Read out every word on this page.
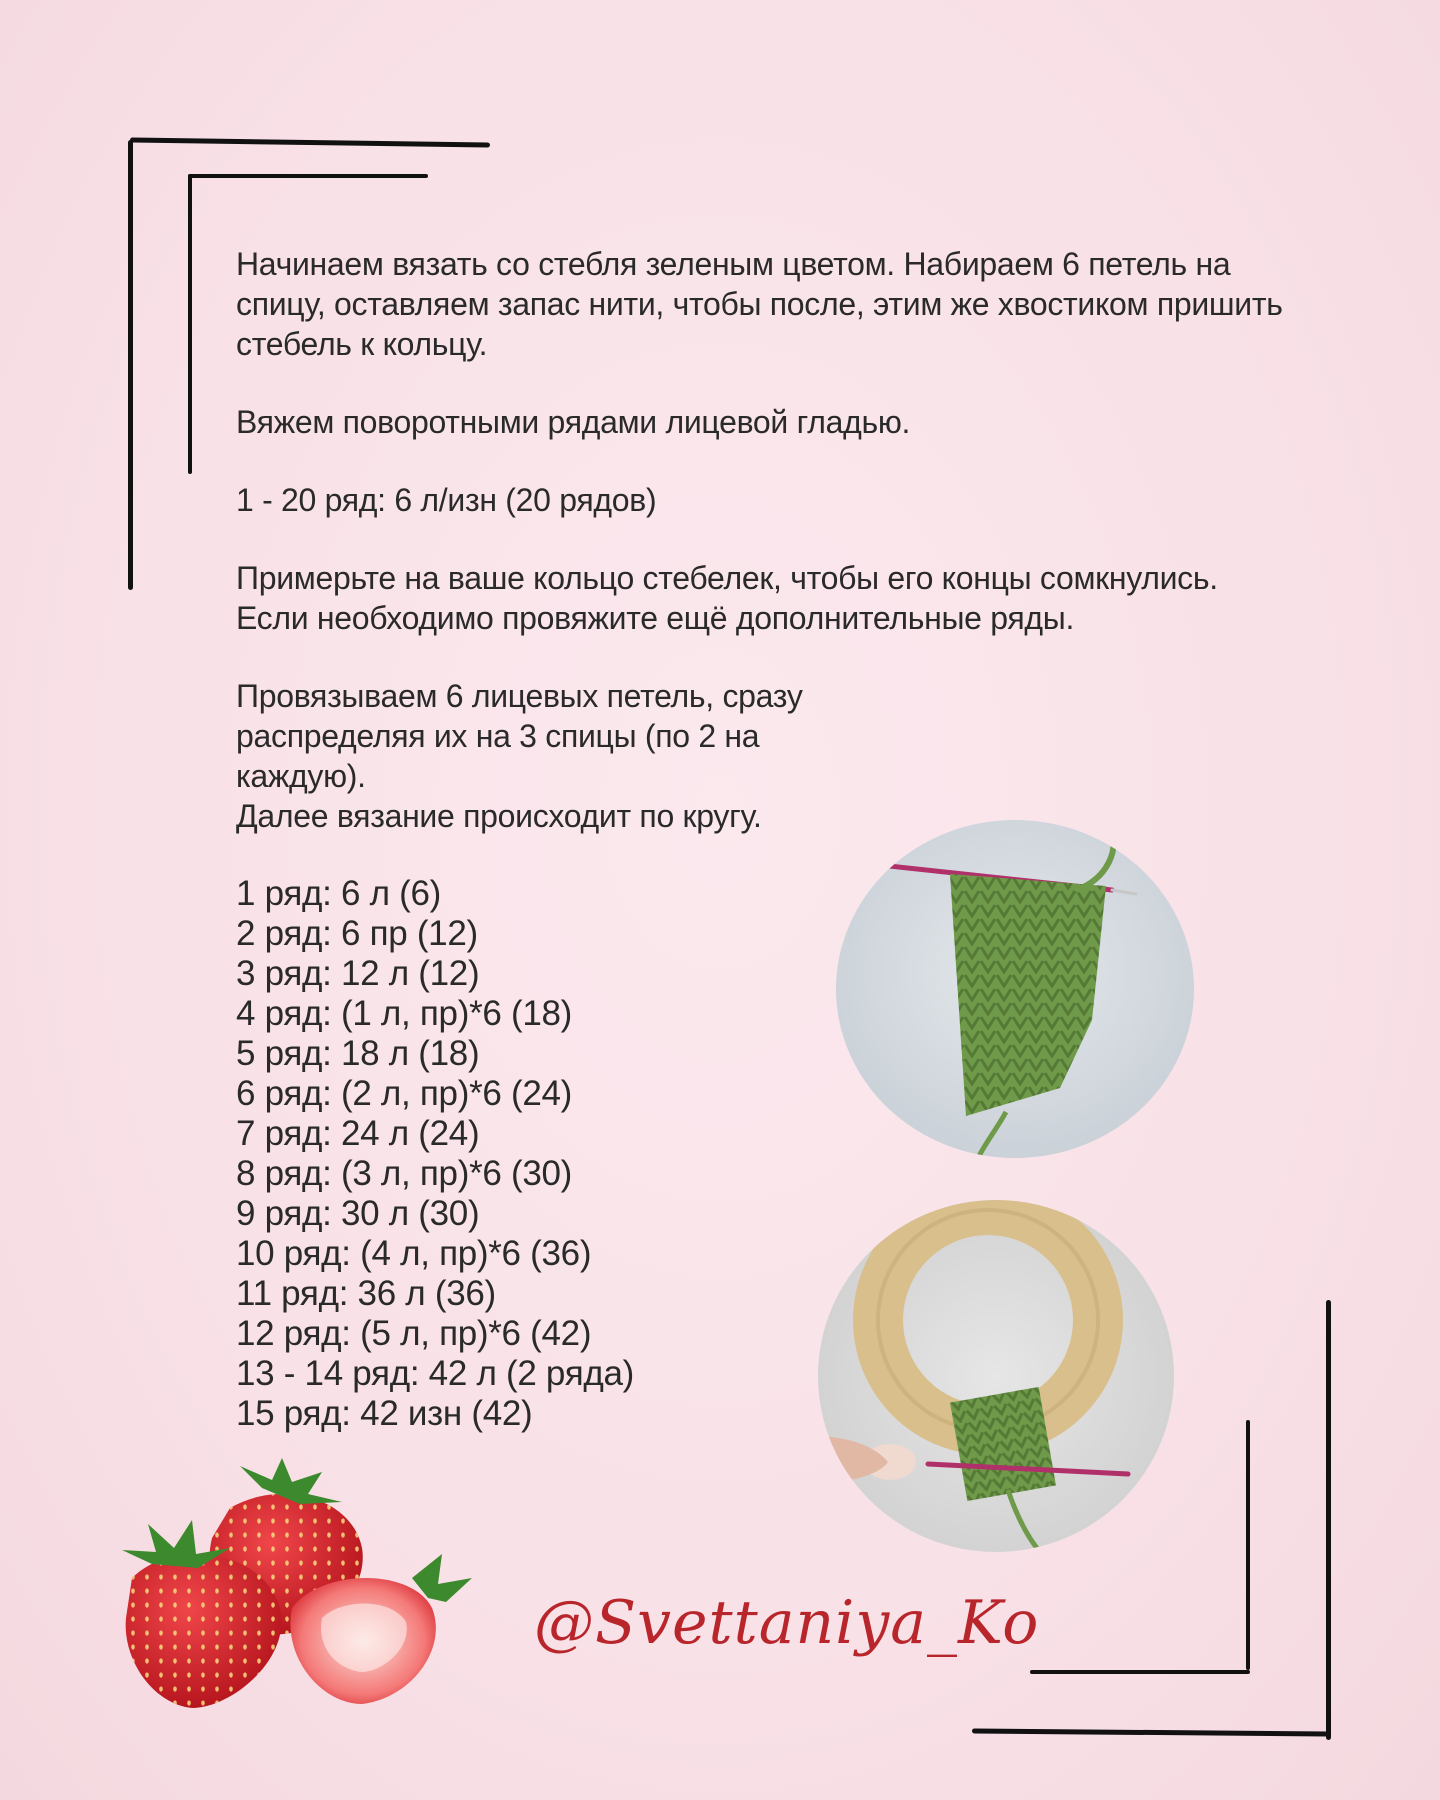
Начинаем вязать со стебля зеленым цветом. Набираем 6 петель на спицу, оставляем запас нити, чтобы после, этим же хвостиком пришить стебель к кольцу.

Вяжем поворотными рядами лицевой гладью.

1 - 20 ряд: 6 л/изн (20 рядов)

Примерьте на ваше кольцо стебелек, чтобы его концы сомкнулись. Если необходимо провяжите ещё дополнительные ряды.

Провязываем 6 лицевых петель, сразу распределяя их на 3 спицы (по 2 на каждую).
Далее вязание происходит по кругу.

1 ряд: 6 л (6)
2 ряд: 6 пр (12)
3 ряд: 12 л (12)
4 ряд: (1 л, пр)*6 (18)
5 ряд: 18 л (18)
6 ряд: (2 л, пр)*6 (24)
7 ряд: 24 л (24)
8 ряд: (3 л, пр)*6 (30)
9 ряд: 30 л (30)
10 ряд: (4 л, пр)*6 (36)
11 ряд: 36 л (36)
12 ряд: (5 л, пр)*6 (42)
13 - 14 ряд: 42 л (2 ряда)
15 ряд: 42 изн (42)
@Svettaniya_Ko
